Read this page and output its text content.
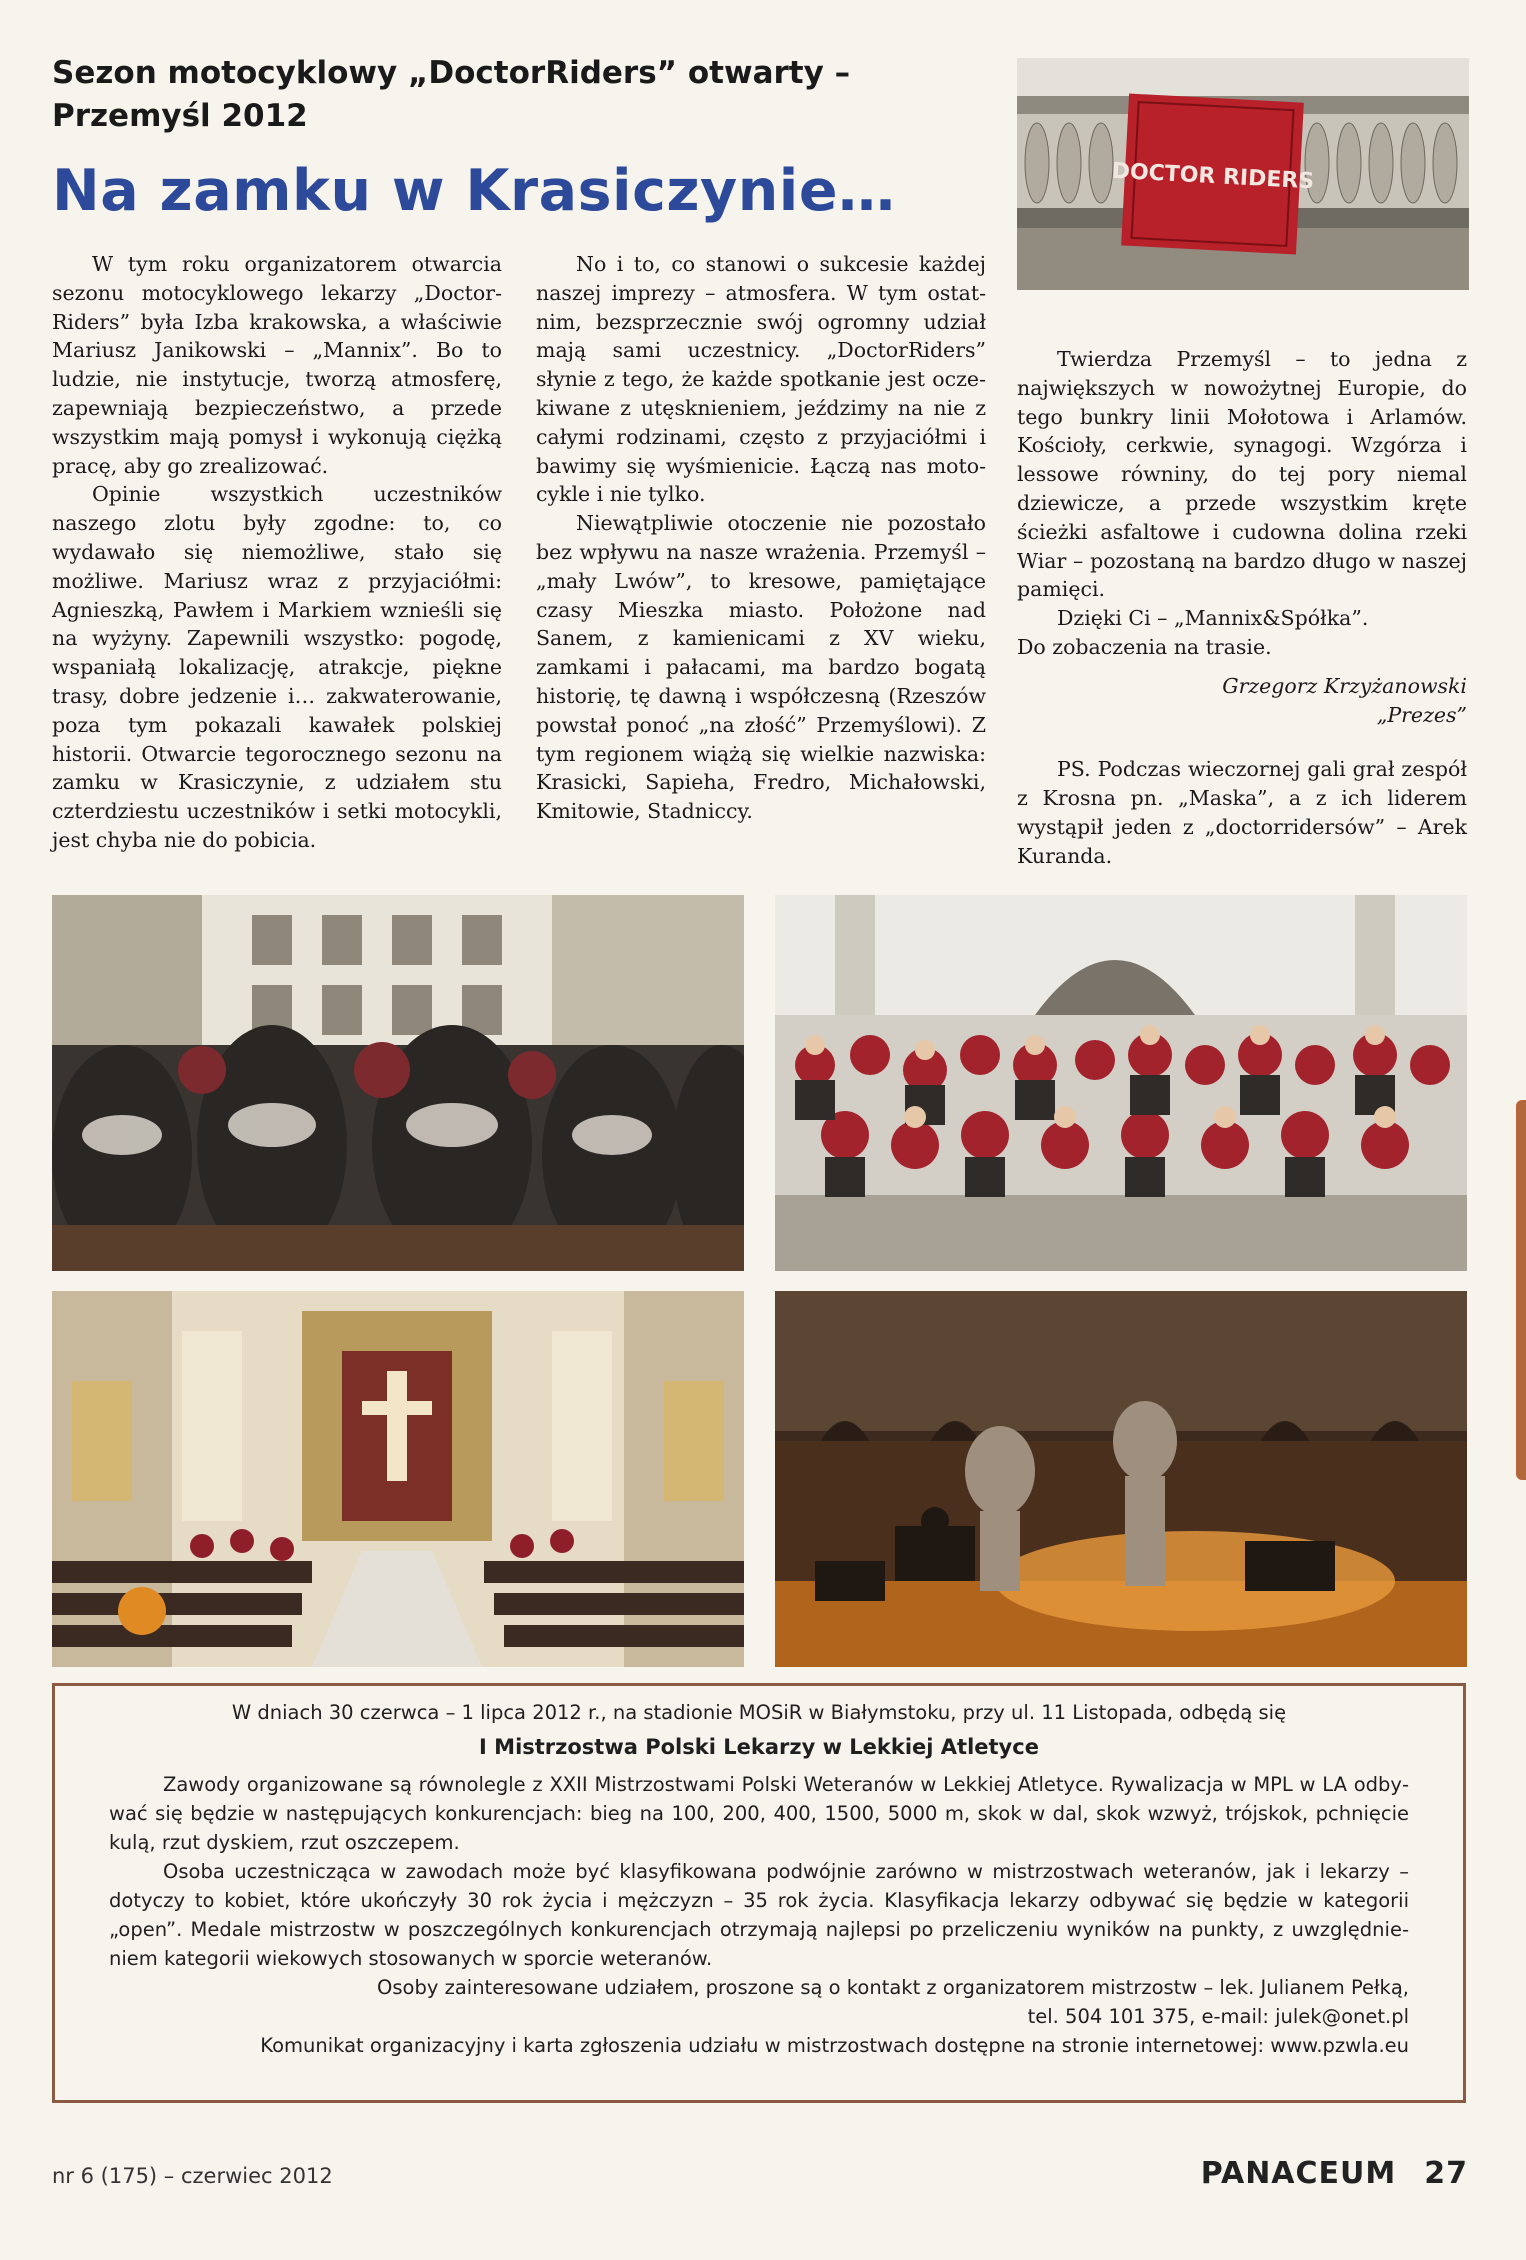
Sezon motocyklowy „DoctorRiders” otwarty – Przemyśl 2012
Na zamku w Krasiczynie…

W tym roku organizatorem otwarcia sezonu motocyklowego lekarzy „DoctorRiders” była Izba krakowska, a właściwie Mariusz Janikowski – „Mannix”. Bo to ludzie, nie instytucje, tworzą atmosferę, zapewniają bezpieczeństwo, a przede wszystkim mają pomysł i wykonują ciężką pracę, aby go zrealizować.

Opinie wszystkich uczestników naszego zlotu były zgodne: to, co wydawało się niemożliwe, stało się możliwe. Mariusz wraz z przyjaciółmi: Agnieszką, Pawłem i Markiem wznieśli się na wyżyny. Zapewnili wszystko: pogodę, wspaniałą lokalizację, atrakcje, piękne trasy, dobre jedzenie i… zakwaterowanie, poza tym pokazali kawałek polskiej historii. Otwarcie tegorocznego sezonu na zamku w Krasiczynie, z udziałem stu czterdziestu uczestników i setki motocykli, jest chyba nie do pobicia.

No i to, co stanowi o sukcesie każdej naszej imprezy – atmosfera. W tym ostatnim, bezsprzecznie swój ogromny udział mają sami uczestnicy. „DoctorRiders” słynie z tego, że każde spotkanie jest oczekiwane z utęsknieniem, jeździmy na nie z całymi rodzinami, często z przyjaciółmi i bawimy się wyśmienicie. Łączą nas motocykle i nie tylko.

Niewątpliwie otoczenie nie pozostało bez wpływu na nasze wrażenia. Przemyśl – „mały Lwów”, to kresowe, pamiętające czasy Mieszka miasto. Położone nad Sanem, z kamienicami z XV wieku, zamkami i pałacami, ma bardzo bogatą historię, tę dawną i współczesną (Rzeszów powstał ponoć „na złość” Przemyślowi). Z tym regionem wiążą się wielkie nazwiska: Krasicki, Sapieha, Fredro, Michałowski, Kmitowie, Stadniccy.

Twierdza Przemyśl – to jedna z największych w nowożytnej Europie, do tego bunkry linii Mołotowa i Arlamów. Kościoły, cerkwie, synagogi. Wzgórza i lessowe równiny, do tej pory niemal dziewicze, a przede wszystkim kręte ścieżki asfaltowe i cudowna dolina rzeki Wiar – pozostaną na bardzo długo w naszej pamięci.

Dzięki Ci – „Mannix&Spółka”.

Do zobaczenia na trasie.

Grzegorz Krzyżanowski

„Prezes”

PS. Podczas wieczornej gali grał zespół z Krosna pn. „Maska”, a z ich liderem wystąpił jeden z „doctorridersów” – Arek Kuranda.

DOCTOR RIDERS

W dniach 30 czerwca – 1 lipca 2012 r., na stadionie MOSiR w Białymstoku, przy ul. 11 Listopada, odbędą się

I Mistrzostwa Polski Lekarzy w Lekkiej Atletyce

Zawody organizowane są równolegle z XXII Mistrzostwami Polski Weteranów w Lekkiej Atletyce. Rywalizacja w MPL w LA odbywać się będzie w następujących konkurencjach: bieg na 100, 200, 400, 1500, 5000 m, skok w dal, skok wzwyż, trójskok, pchnięcie kulą, rzut dyskiem, rzut oszczepem.

Osoba uczestnicząca w zawodach może być klasyfikowana podwójnie zarówno w mistrzostwach weteranów, jak i lekarzy – dotyczy to kobiet, które ukończyły 30 rok życia i mężczyzn – 35 rok życia. Klasyfikacja lekarzy odbywać się będzie w kategorii „open”. Medale mistrzostw w poszczególnych konkurencjach otrzymają najlepsi po przeliczeniu wyników na punkty, z uwzględnieniem kategorii wiekowych stosowanych w sporcie weteranów.

Osoby zainteresowane udziałem, proszone są o kontakt z organizatorem mistrzostw – lek. Julianem Pełką,

tel. 504 101 375, e-mail: julek@onet.pl

Komunikat organizacyjny i karta zgłoszenia udziału w mistrzostwach dostępne na stronie internetowej: www.pzwla.eu

nr 6 (175) – czerwiec 2012	PANACEUM 27
